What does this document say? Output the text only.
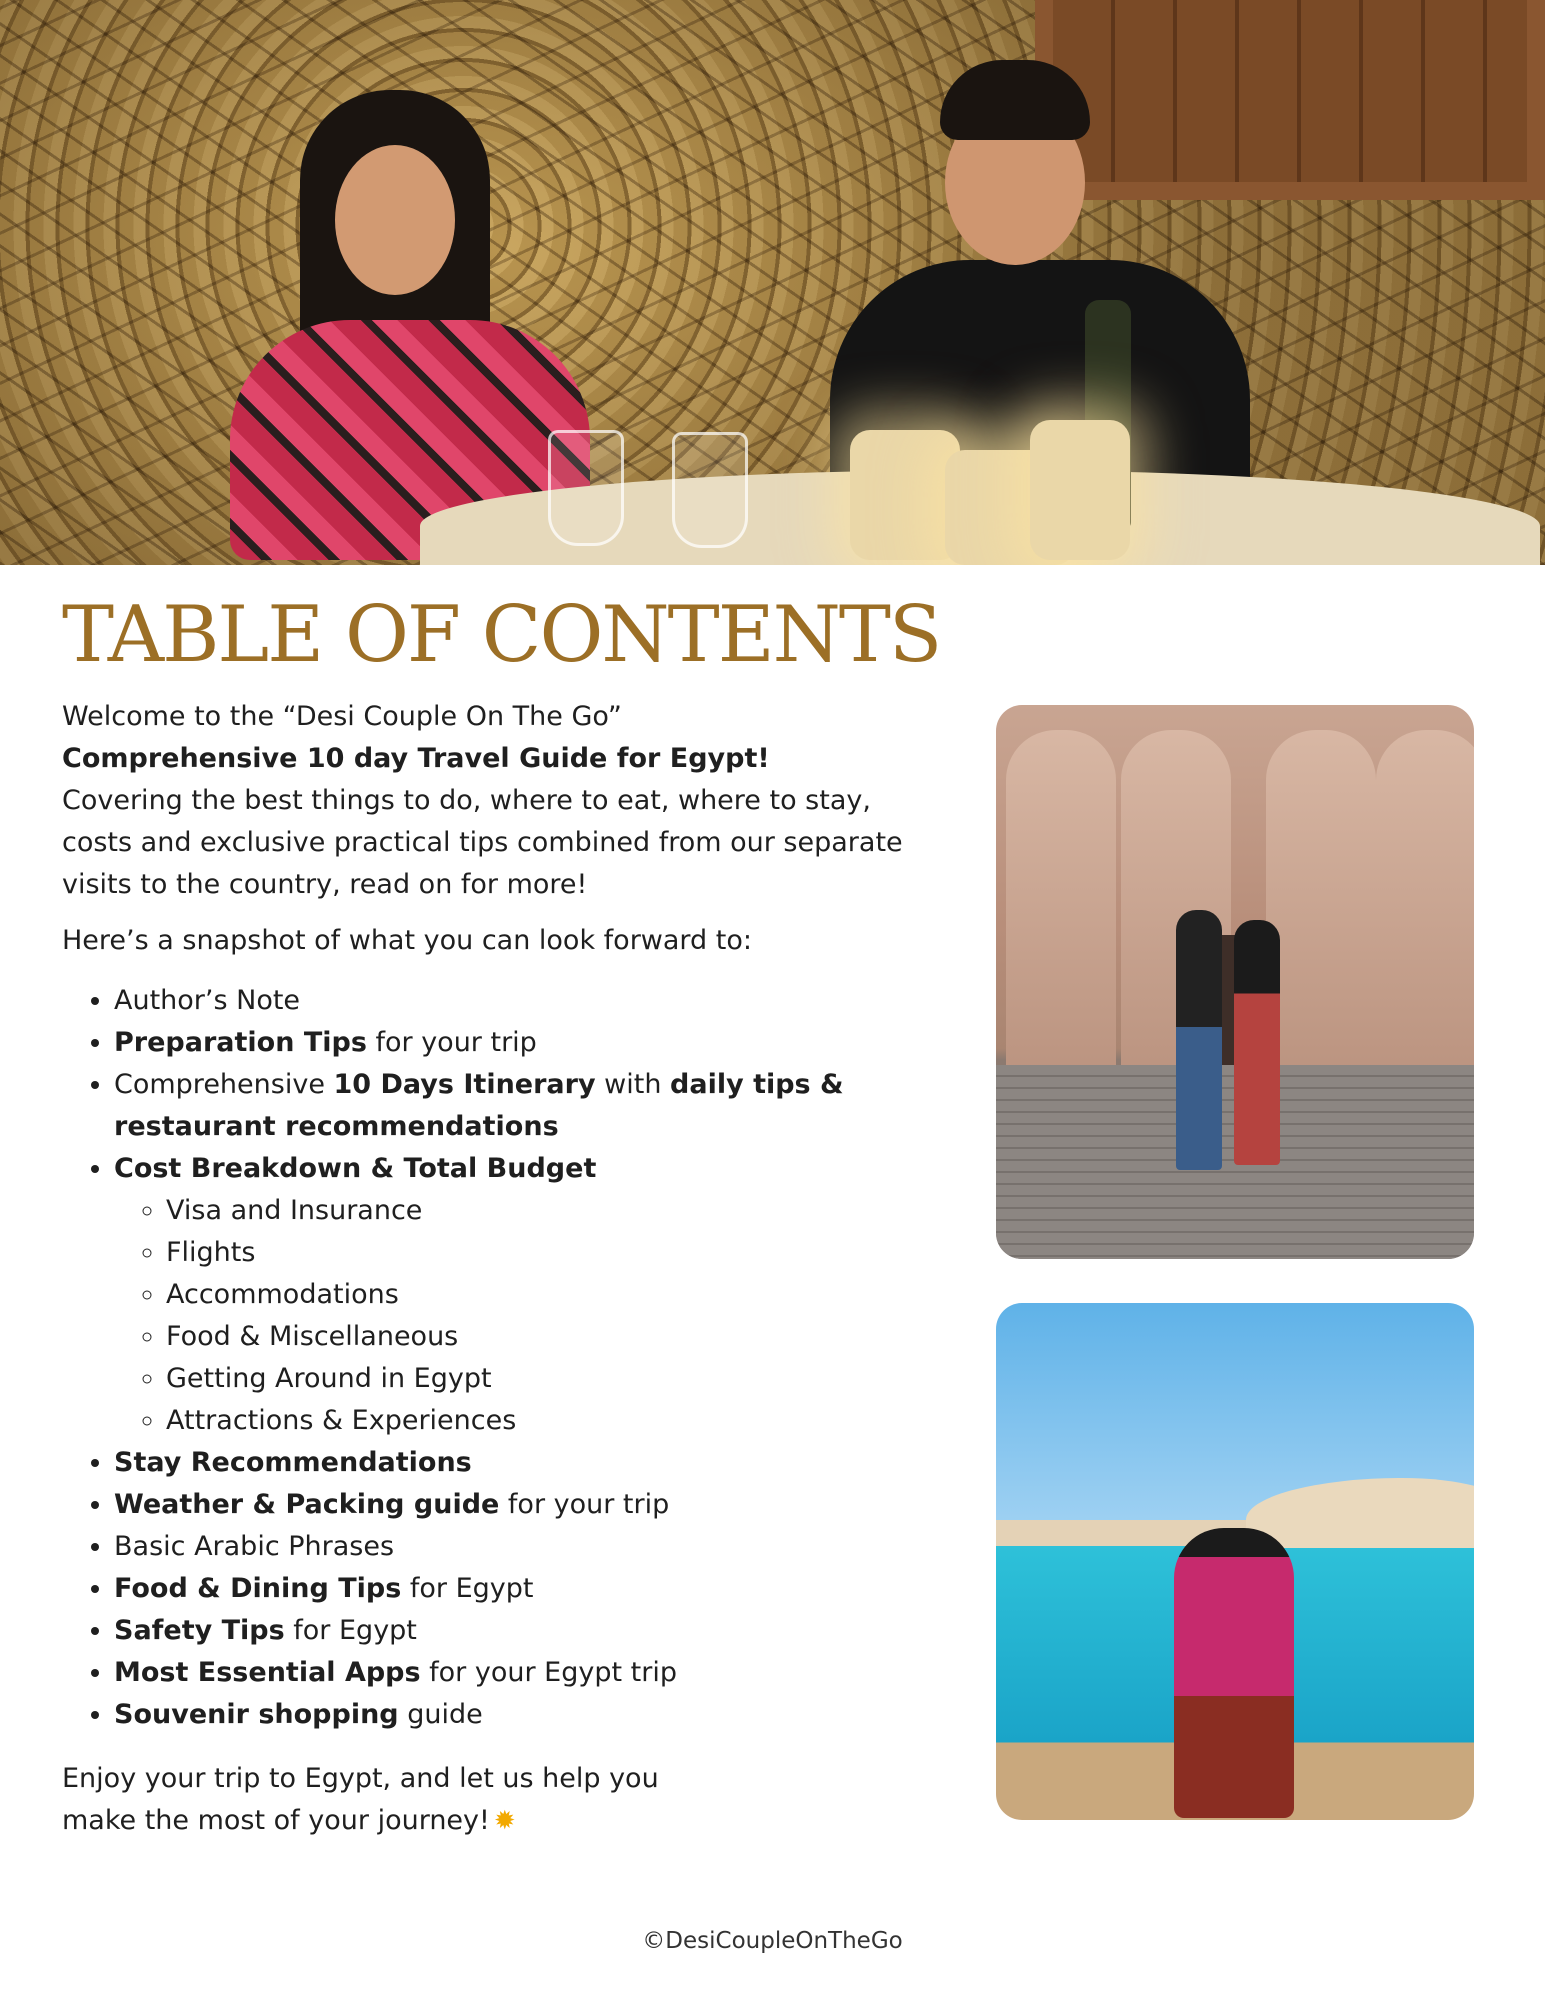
TABLE OF CONTENTS

Welcome to the “Desi Couple On The Go”
Comprehensive 10 day Travel Guide for Egypt!
Covering the best things to do, where to eat, where to stay, costs and exclusive practical tips combined from our separate visits to the country, read on for more!

Here’s a snapshot of what you can look forward to:

• Author’s Note
• Preparation Tips for your trip
• Comprehensive 10 Days Itinerary with daily tips & restaurant recommendations
• Cost Breakdown & Total Budget
◦ Visa and Insurance
◦ Flights
◦ Accommodations
◦ Food & Miscellaneous
◦ Getting Around in Egypt
◦ Attractions & Experiences
• Stay Recommendations
• Weather & Packing guide for your trip
• Basic Arabic Phrases
• Food & Dining Tips for Egypt
• Safety Tips for Egypt
• Most Essential Apps for your Egypt trip
• Souvenir shopping guide

Enjoy your trip to Egypt, and let us help you
make the most of your journey! ✹

©DesiCoupleOnTheGo
